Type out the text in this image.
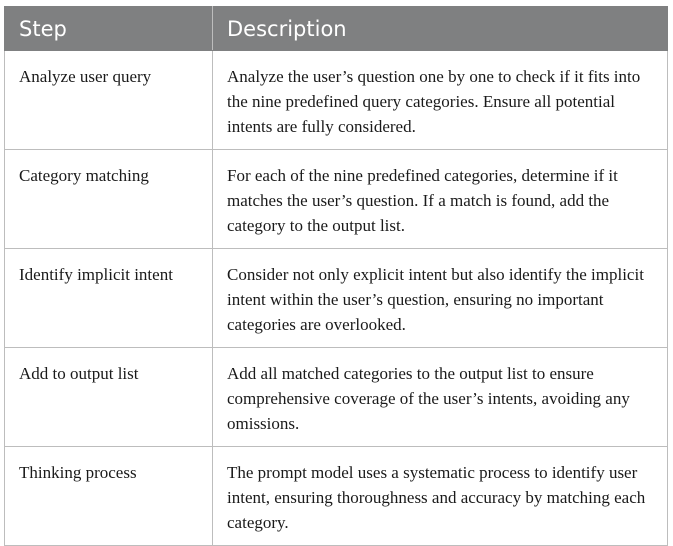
Step	Description
Analyze user query	Analyze the user’s question one by one to check if it fits into the nine predefined query categories. Ensure all potential intents are fully considered.
Category matching	For each of the nine predefined categories, determine if it matches the user’s question. If a match is found, add the category to the output list.
Identify implicit intent	Consider not only explicit intent but also identify the implicit intent within the user’s question, ensuring no important categories are overlooked.
Add to output list	Add all matched categories to the output list to ensure comprehensive coverage of the user’s intents, avoiding any omissions.
Thinking process	The prompt model uses a systematic process to identify user intent, ensuring thoroughness and accuracy by matching each category.
